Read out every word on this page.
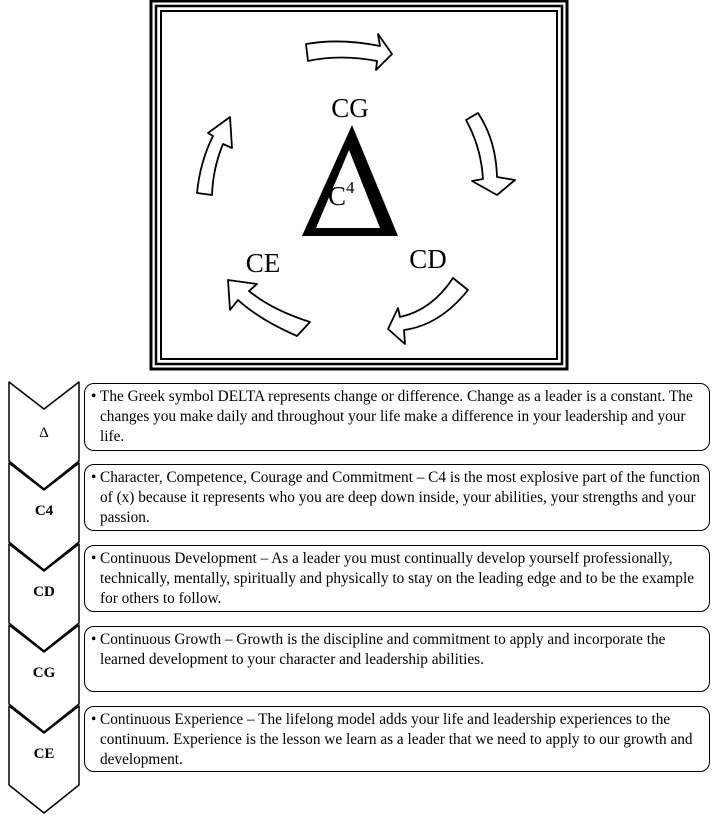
CG
CD
CE
$C^4$
Δ
• The Greek symbol DELTA represents change or difference. Change as a leader is a constant. The changes you make daily and throughout your life make a difference in your leadership and your life.
C4
• Character, Competence, Courage and Commitment – C4 is the most explosive part of the function of (x) because it represents who you are deep down inside, your abilities, your strengths and your passion.
CD
• Continuous Development – As a leader you must continually develop yourself professionally, technically, mentally, spiritually and physically to stay on the leading edge and to be the example for others to follow.
CG
• Continuous Growth – Growth is the discipline and commitment to apply and incorporate the learned development to your character and leadership abilities.
CE
• Continuous Experience – The lifelong model adds your life and leadership experiences to the continuum. Experience is the lesson we learn as a leader that we need to apply to our growth and development.
